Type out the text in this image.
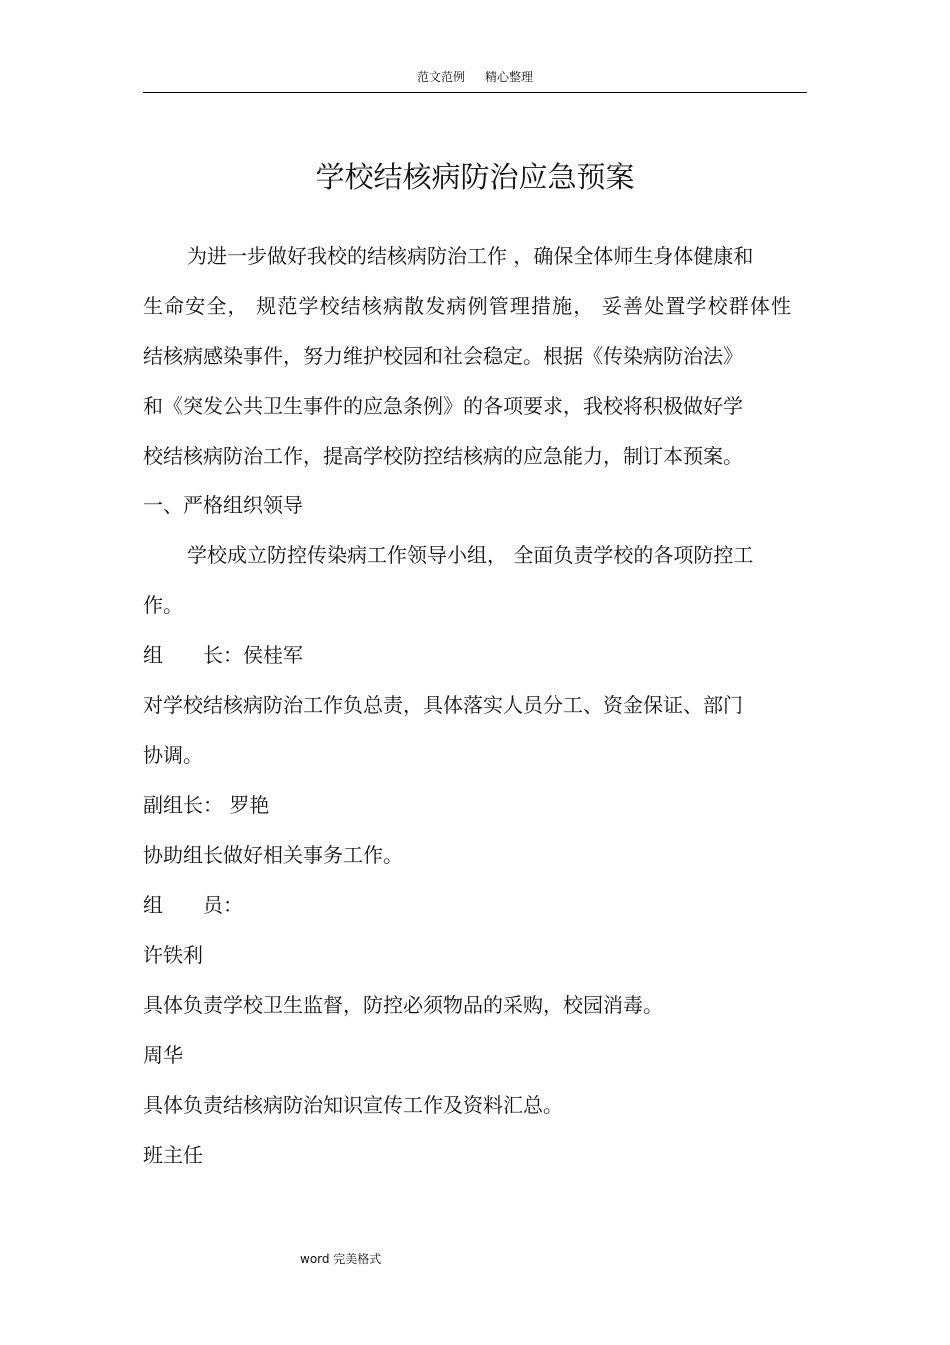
范文范例 精心整理
学校结核病防治应急预案
为进一步做好我校的结核病防治工作 ，确保全体师生身体健康和
生命安全， 规范学校结核病散发病例管理措施， 妥善处置学校群体性
结核病感染事件，努力维护校园和社会稳定。根据《传染病防治法》
和《突发公共卫生事件的应急条例》的各项要求，我校将积极做好学
校结核病防治工作，提高学校防控结核病的应急能力，制订本预案。
一、严格组织领导
学校成立防控传染病工作领导小组， 全面负责学校的各项防控工
作。
组　　长：侯桂军
对学校结核病防治工作负总责，具体落实人员分工、资金保证、部门
协调。
副组长： 罗艳
协助组长做好相关事务工作。
组　　员：
许铁利
具体负责学校卫生监督，防控必须物品的采购，校园消毒。
周华
具体负责结核病防治知识宣传工作及资料汇总。
班主任
word 完美格式
